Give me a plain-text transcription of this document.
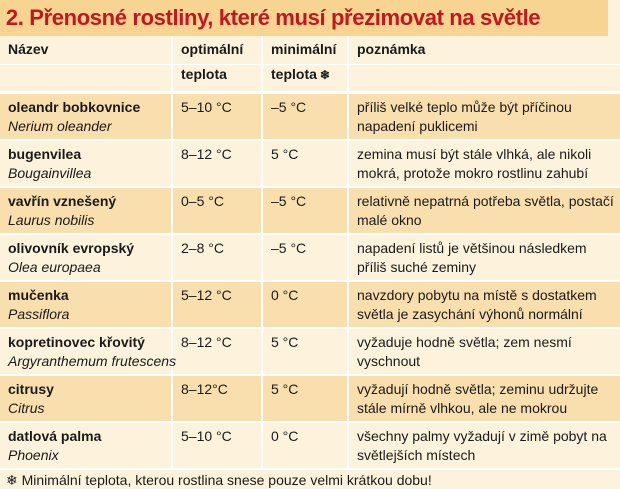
2. Přenosné rostliny, které musí přezimovat na světle
Název	optimální	minimální	poznámka
	teplota	teplota ❄	

oleandr bobkovnice
Nerium oleander	5–10 °C	–5 °C	příliš velké teplo může být příčinou napadení puklicemi

bugenvilea
Bougainvillea	8–12 °C	5 °C	zemina musí být stále vlhká, ale nikoli mokrá, protože mokro rostlinu zahubí

vavřín vznešený
Laurus nobilis	0–5 °C	–5 °C	relativně nepatrná potřeba světla, postačí malé okno

olivovník evropský
Olea europaea	2–8 °C	–5 °C	napadení listů je většinou následkem příliš suché zeminy

mučenka
Passiflora	5–12 °C	0 °C	navzdory pobytu na místě s dostatkem světla je zasychání výhonů normální

kopretinovec křovitý
Argyranthemum frutescens	8–12 °C	5 °C	vyžaduje hodně světla; zem nesmí vyschnout

citrusy
Citrus	8–12°C	5 °C	vyžadují hodně světla; zeminu udržujte stále mírně vlhkou, ale ne mokrou

datlová palma
Phoenix	5–10 °C	0 °C	všechny palmy vyžadují v zimě pobyt na světlejších místech
❄ Minimální teplota, kterou rostlina snese pouze velmi krátkou dobu!
